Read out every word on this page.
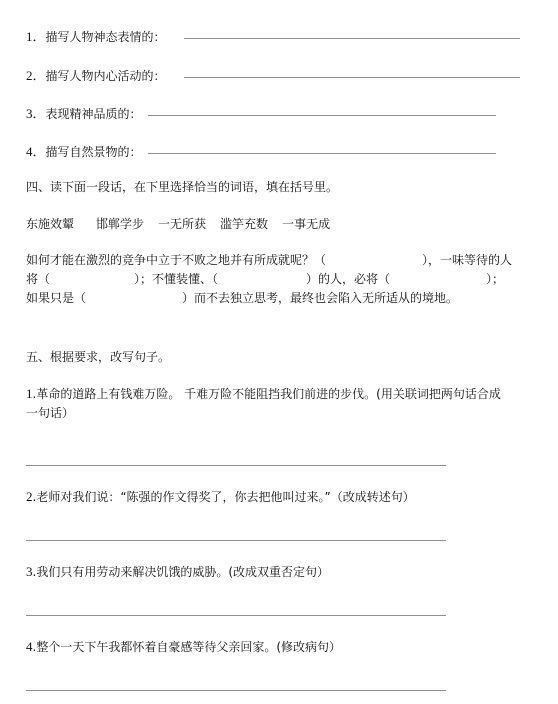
1．描写人物神态表情的： ＿＿＿＿＿＿＿＿＿＿＿＿＿＿＿＿＿＿＿＿＿＿＿＿＿＿＿＿
2．描写人物内心活动的： ＿＿＿＿＿＿＿＿＿＿＿＿＿＿＿＿＿＿＿＿＿＿＿＿＿＿＿＿
3．表现精神品质的： ＿＿＿＿＿＿＿＿＿＿＿＿＿＿＿＿＿＿＿＿＿＿＿＿＿＿＿＿＿
4．描写自然景物的： ＿＿＿＿＿＿＿＿＿＿＿＿＿＿＿＿＿＿＿＿＿＿＿＿＿＿＿＿＿
四、读下面一段话，在下里选择恰当的词语，填在括号里。
东施效颦 邯郸学步 一无所获 滥竽充数 一事无成
如何才能在激烈的竞争中立于不败之地并有所成就呢？（	），一味等待的人
将（	）；不懂装懂、（	）的人，必将（	）；
如果只是（	）而不去独立思考，最终也会陷入无所适从的境地。
五、根据要求，改写句子。
1.革命的道路上有钱难万险。 千难万险不能阻挡我们前进的步伐。(用关联词把两句话合成
一句话）
＿＿＿＿＿＿＿＿＿＿＿＿＿＿＿＿＿＿＿＿＿＿＿＿＿＿＿＿＿＿＿＿＿＿＿
2.老师对我们说：“陈强的作文得奖了，你去把他叫过来。”（改成转述句）
＿＿＿＿＿＿＿＿＿＿＿＿＿＿＿＿＿＿＿＿＿＿＿＿＿＿＿＿＿＿＿＿＿＿＿
3.我们只有用劳动来解决饥饿的威胁。(改成双重否定句）
＿＿＿＿＿＿＿＿＿＿＿＿＿＿＿＿＿＿＿＿＿＿＿＿＿＿＿＿＿＿＿＿＿＿＿
4.整个一天下午我都怀着自豪感等待父亲回家。(修改病句）
＿＿＿＿＿＿＿＿＿＿＿＿＿＿＿＿＿＿＿＿＿＿＿＿＿＿＿＿＿＿＿＿＿＿＿
